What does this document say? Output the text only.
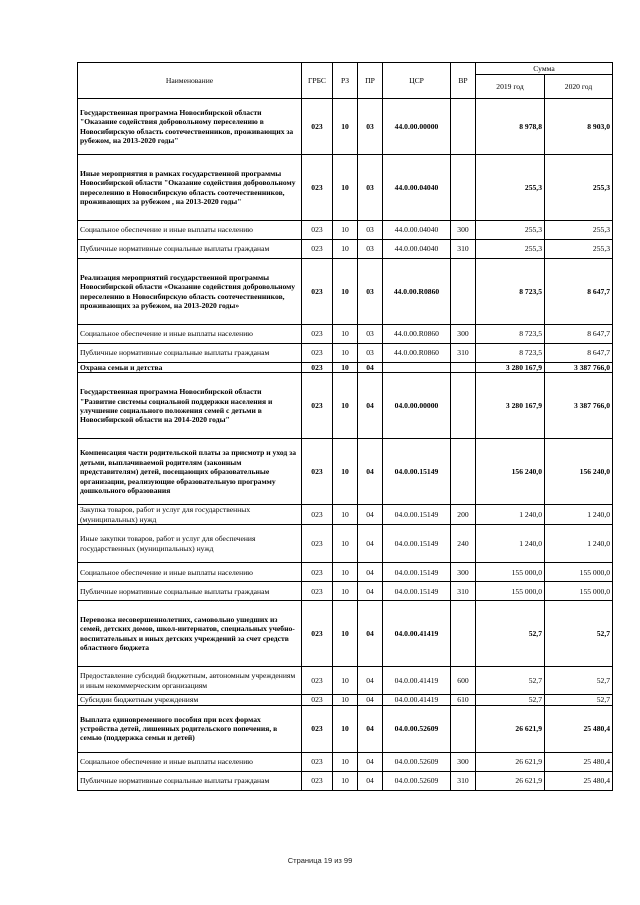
Наименование	ГРБС	РЗ	ПР	ЦСР	ВР	Сумма	
						2019 год	2020 год
Государственная программа Новосибирской области "Оказание содействия добровольному переселению в Новосибирскую область соотечественников, проживающих за рубежом, на 2013-2020 годы"	023	10	03	44.0.00.00000		8 978,8	8 903,0
Иные мероприятия в рамках государственной программы Новосибирской области "Оказание содействия добровольному переселению в Новосибирскую область соотечественников, проживающих за рубежом , на 2013-2020 годы"	023	10	03	44.0.00.04040		255,3	255,3
Социальное обеспечение и иные выплаты населению	023	10	03	44.0.00.04040	300	255,3	255,3
Публичные нормативные социальные выплаты гражданам	023	10	03	44.0.00.04040	310	255,3	255,3
Реализация мероприятий государственной программы Новосибирской области «Оказание содействия добровольному переселению в Новосибирскую область соотечественников, проживающих за рубежом, на 2013-2020 годы»	023	10	03	44.0.00.R0860		8 723,5	8 647,7
Социальное обеспечение и иные выплаты населению	023	10	03	44.0.00.R0860	300	8 723,5	8 647,7
Публичные нормативные социальные выплаты гражданам	023	10	03	44.0.00.R0860	310	8 723,5	8 647,7
Охрана семьи и детства	023	10	04			3 280 167,9	3 387 766,0
Государственная программа Новосибирской области "Развитие системы социальной поддержки населения и улучшение социального положения семей с детьми в Новосибирской области на 2014-2020 годы"	023	10	04	04.0.00.00000		3 280 167,9	3 387 766,0
Компенсация части родительской платы за присмотр и уход за детьми, выплачиваемой родителям (законным представителям) детей, посещающих образовательные организации, реализующие образовательную программу дошкольного образования	023	10	04	04.0.00.15149		156 240,0	156 240,0
Закупка товаров, работ и услуг для государственных (муниципальных) нужд	023	10	04	04.0.00.15149	200	1 240,0	1 240,0
Иные закупки товаров, работ и услуг для обеспечения государственных (муниципальных) нужд	023	10	04	04.0.00.15149	240	1 240,0	1 240,0
Социальное обеспечение и иные выплаты населению	023	10	04	04.0.00.15149	300	155 000,0	155 000,0
Публичные нормативные социальные выплаты гражданам	023	10	04	04.0.00.15149	310	155 000,0	155 000,0
Перевозка несовершеннолетних, самовольно ушедших из семей, детских домов, школ-интернатов, специальных учебно-воспитательных и иных детских учреждений за счет средств областного бюджета	023	10	04	04.0.00.41419		52,7	52,7
Предоставление субсидий бюджетным, автономным учреждениям и иным некоммерческим организациям	023	10	04	04.0.00.41419	600	52,7	52,7
Субсидии бюджетным учреждениям	023	10	04	04.0.00.41419	610	52,7	52,7
Выплата единовременного пособия при всех формах устройства детей, лишенных родительского попечения, в семью (поддержка семьи и детей)	023	10	04	04.0.00.52609		26 621,9	25 480,4
Социальное обеспечение и иные выплаты населению	023	10	04	04.0.00.52609	300	26 621,9	25 480,4
Публичные нормативные социальные выплаты гражданам	023	10	04	04.0.00.52609	310	26 621,9	25 480,4
Страница 19 из 99
